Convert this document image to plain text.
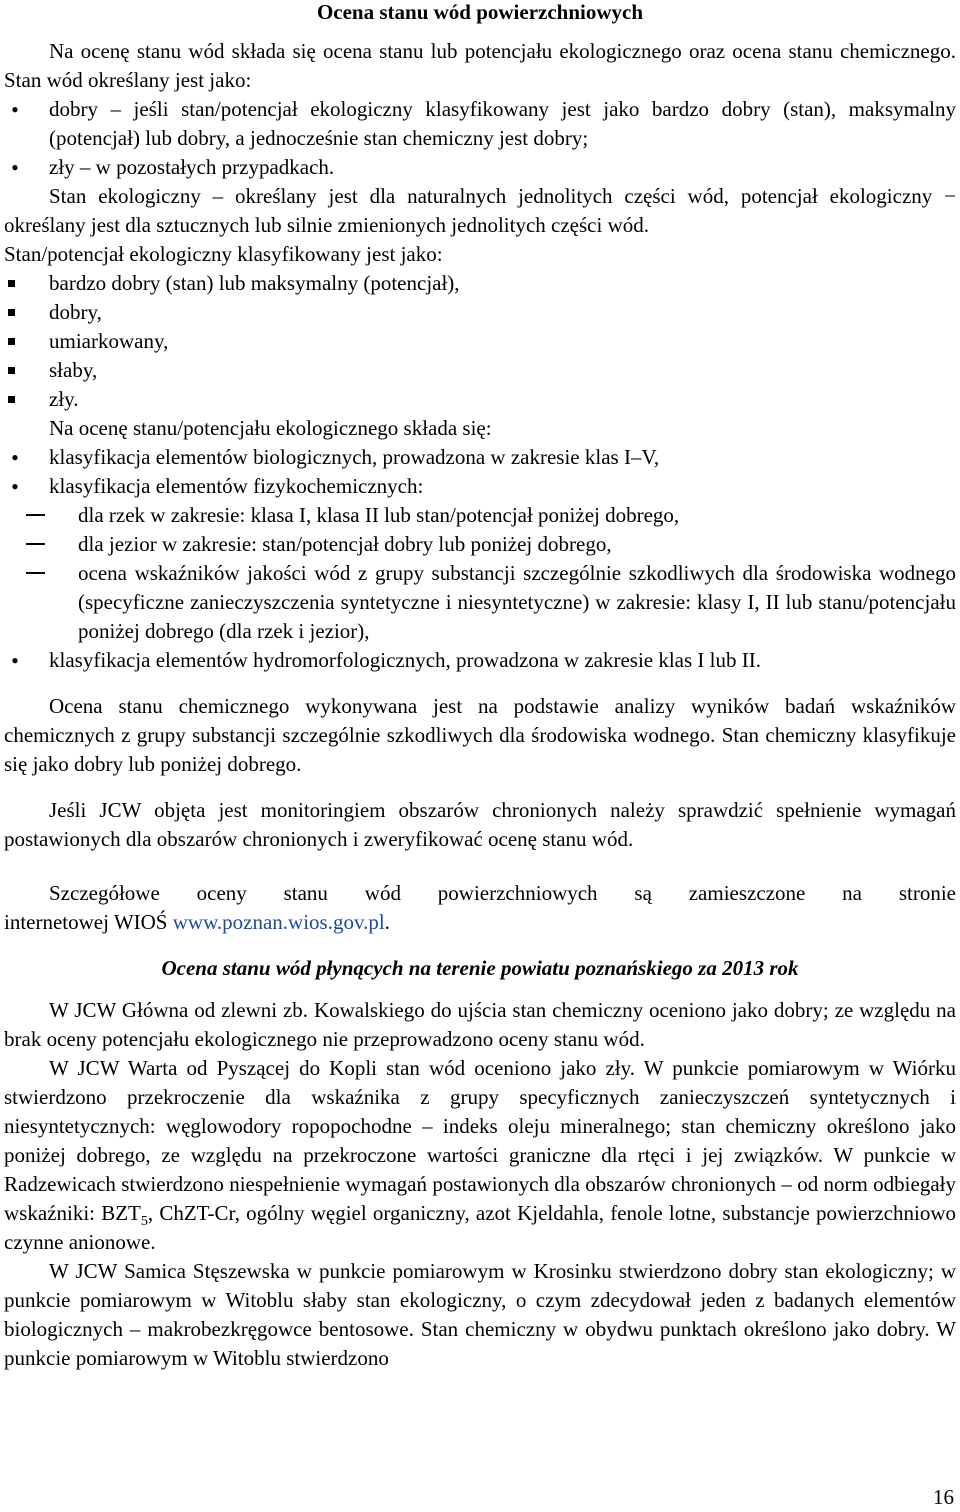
Ocena stanu wód powierzchniowych

Na ocenę stanu wód składa się ocena stanu lub potencjału ekologicznego oraz ocena stanu chemicznego. Stan wód określany jest jako:

•
dobry – jeśli stan/potencjał ekologiczny klasyfikowany jest jako bardzo dobry (stan), maksymalny (potencjał) lub dobry, a jednocześnie stan chemiczny jest dobry;
•
zły – w pozostałych przypadkach.

Stan ekologiczny – określany jest dla naturalnych jednolitych części wód, potencjał ekologiczny − określany jest dla sztucznych lub silnie zmienionych jednolitych części wód.

Stan/potencjał ekologiczny klasyfikowany jest jako:

bardzo dobry (stan) lub maksymalny (potencjał),
dobry,
umiarkowany,
słaby,
zły.

Na ocenę stanu/potencjału ekologicznego składa się:

•
klasyfikacja elementów biologicznych, prowadzona w zakresie klas I–V,
•
klasyfikacja elementów fizykochemicznych:
dla rzek w zakresie: klasa I, klasa II lub stan/potencjał poniżej dobrego,
dla jezior w zakresie: stan/potencjał dobry lub poniżej dobrego,
ocena wskaźników jakości wód z grupy substancji szczególnie szkodliwych dla środowiska wodnego (specyficzne zanieczyszczenia syntetyczne i niesyntetyczne) w zakresie: klasy I, II lub stanu/potencjału poniżej dobrego (dla rzek i jezior),
•
klasyfikacja elementów hydromorfologicznych, prowadzona w zakresie klas I lub II.

Ocena stanu chemicznego wykonywana jest na podstawie analizy wyników badań wskaźników chemicznych z grupy substancji szczególnie szkodliwych dla środowiska wodnego. Stan chemiczny klasyfikuje się jako dobry lub poniżej dobrego.

Jeśli JCW objęta jest monitoringiem obszarów chronionych należy sprawdzić spełnienie wymagań postawionych dla obszarów chronionych i zweryfikować ocenę stanu wód.

Szczegółowe oceny stanu wód powierzchniowych są zamieszczone na stronie

internetowej WIOŚ www.poznan.wios.gov.pl.

Ocena stanu wód płynących na terenie powiatu poznańskiego za 2013 rok

W JCW Główna od zlewni zb. Kowalskiego do ujścia stan chemiczny oceniono jako dobry; ze względu na brak oceny potencjału ekologicznego nie przeprowadzono oceny stanu wód.

W JCW Warta od Pyszącej do Kopli stan wód oceniono jako zły. W punkcie pomiarowym w Wiórku stwierdzono przekroczenie dla wskaźnika z grupy specyficznych zanieczyszczeń syntetycznych i niesyntetycznych: węglowodory ropopochodne – indeks oleju mineralnego; stan chemiczny określono jako poniżej dobrego, ze względu na przekroczone wartości graniczne dla rtęci i jej związków. W punkcie w Radzewicach stwierdzono niespełnienie wymagań postawionych dla obszarów chronionych – od norm odbiegały wskaźniki: $BZT_5$, ChZT-Cr, ogólny węgiel organiczny, azot Kjeldahla, fenole lotne, substancje powierzchniowo czynne anionowe.

W JCW Samica Stęszewska w punkcie pomiarowym w Krosinku stwierdzono dobry stan ekologiczny; w punkcie pomiarowym w Witoblu słaby stan ekologiczny, o czym zdecydował jeden z badanych elementów biologicznych – makrobezkręgowce bentosowe. Stan chemiczny w obydwu punktach określono jako dobry. W punkcie pomiarowym w Witoblu stwierdzono

16
